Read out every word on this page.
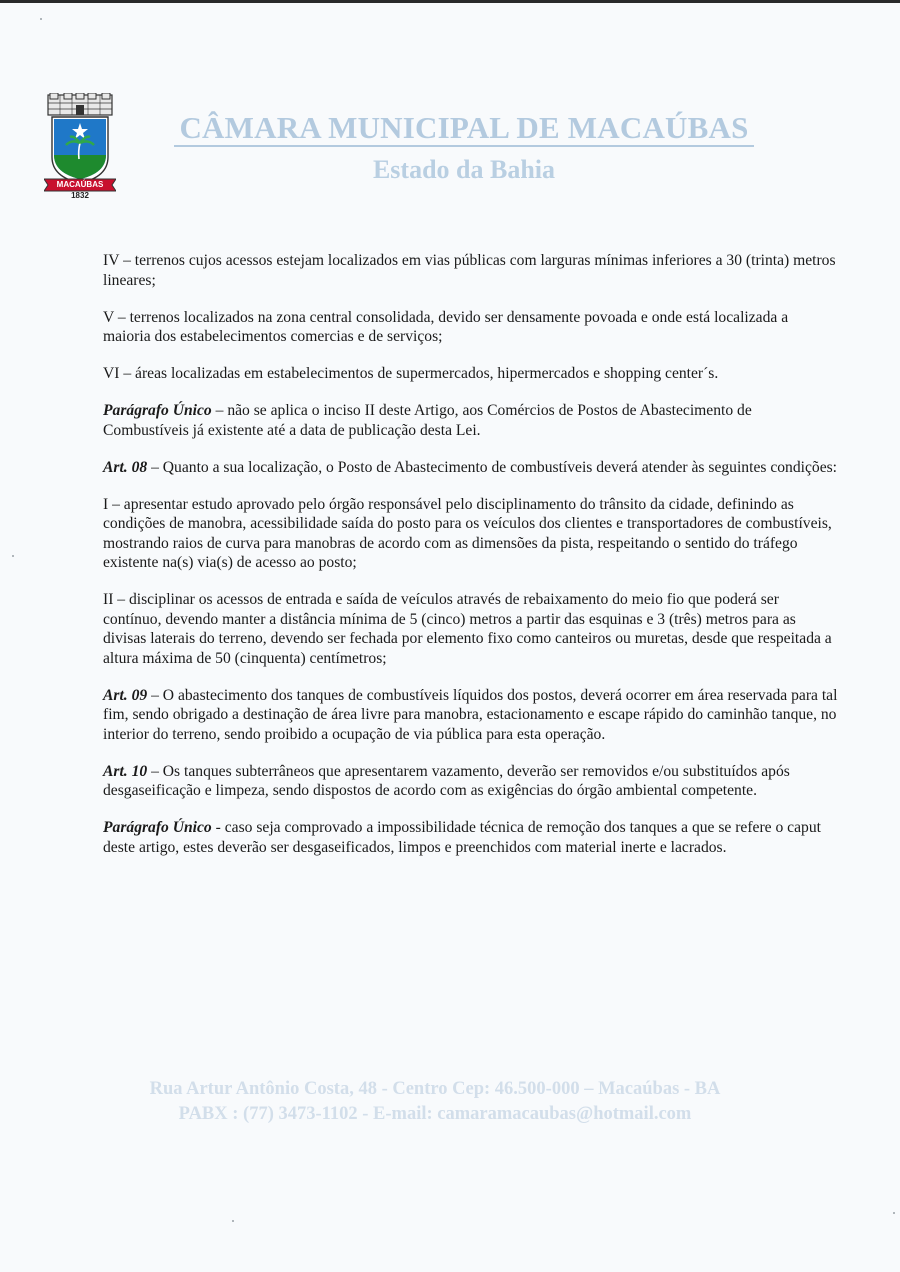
MACAÚBAS
1832
CÂMARA MUNICIPAL DE MACAÚBAS
Estado da Bahia

IV – terrenos cujos acessos estejam localizados em vias públicas com larguras mínimas inferiores a 30 (trinta) metros lineares;

V – terrenos localizados na zona central consolidada, devido ser densamente povoada e onde está localizada a maioria dos estabelecimentos comercias e de serviços;

VI – áreas localizadas em estabelecimentos de supermercados, hipermercados e shopping center´s.

Parágrafo Único – não se aplica o inciso II deste Artigo, aos Comércios de Postos de Abastecimento de Combustíveis já existente até a data de publicação desta Lei.

Art. 08 – Quanto a sua localização, o Posto de Abastecimento de combustíveis deverá atender às seguintes condições:

I – apresentar estudo aprovado pelo órgão responsável pelo disciplinamento do trânsito da cidade, definindo as condições de manobra, acessibilidade saída do posto para os veículos dos clientes e transportadores de combustíveis, mostrando raios de curva para manobras de acordo com as dimensões da pista, respeitando o sentido do tráfego existente na(s) via(s) de acesso ao posto;

II – disciplinar os acessos de entrada e saída de veículos através de rebaixamento do meio fio que poderá ser contínuo, devendo manter a distância mínima de 5 (cinco) metros a partir das esquinas e 3 (três) metros para as divisas laterais do terreno, devendo ser fechada por elemento fixo como canteiros ou muretas, desde que respeitada a altura máxima de 50 (cinquenta) centímetros;

Art. 09 – O abastecimento dos tanques de combustíveis líquidos dos postos, deverá ocorrer em área reservada para tal fim, sendo obrigado a destinação de área livre para manobra, estacionamento e escape rápido do caminhão tanque, no interior do terreno, sendo proibido a ocupação de via pública para esta operação.

Art. 10 – Os tanques subterrâneos que apresentarem vazamento, deverão ser removidos e/ou substituídos após desgaseificação e limpeza, sendo dispostos de acordo com as exigências do órgão ambiental competente.

Parágrafo Único - caso seja comprovado a impossibilidade técnica de remoção dos tanques a que se refere o caput deste artigo, estes deverão ser desgaseificados, limpos e preenchidos com material inerte e lacrados.

Rua Artur Antônio Costa, 48 - Centro Cep: 46.500-000 – Macaúbas - BA
PABX : (77) 3473-1102 - E-mail: camaramacaubas@hotmail.com
